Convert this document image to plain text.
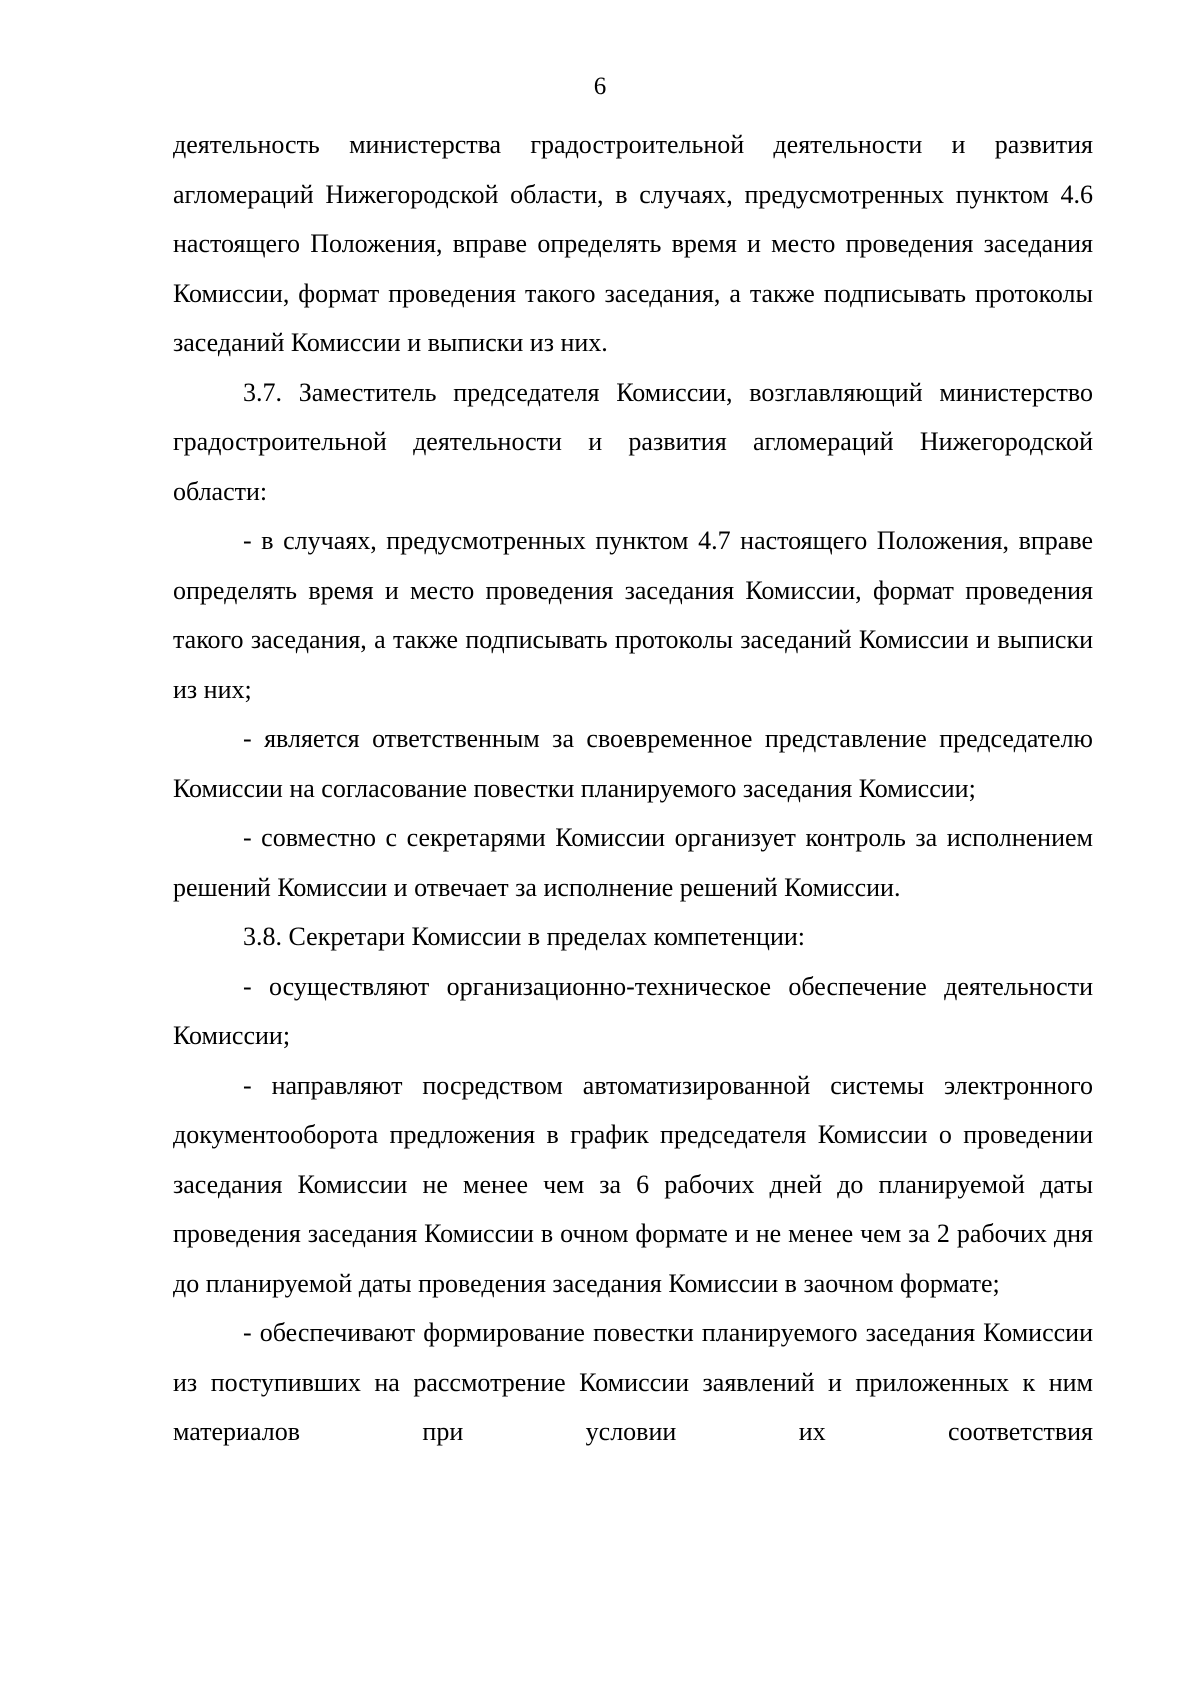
6

деятельность министерства градостроительной деятельности и развития агломераций Нижегородской области, в случаях, предусмотренных пунктом 4.6 настоящего Положения, вправе определять время и место проведения заседания Комиссии, формат проведения такого заседания, а также подписывать протоколы заседаний Комиссии и выписки из них.

3.7. Заместитель председателя Комиссии, возглавляющий министерство градостроительной деятельности и развития агломераций Нижегородской области:

- в случаях, предусмотренных пунктом 4.7 настоящего Положения, вправе определять время и место проведения заседания Комиссии, формат проведения такого заседания, а также подписывать протоколы заседаний Комиссии и выписки из них;

- является ответственным за своевременное представление председателю Комиссии на согласование повестки планируемого заседания Комиссии;

- совместно с секретарями Комиссии организует контроль за исполнением решений Комиссии и отвечает за исполнение решений Комиссии.

3.8. Секретари Комиссии в пределах компетенции:

- осуществляют организационно-техническое обеспечение деятельности Комиссии;

- направляют посредством автоматизированной системы электронного документооборота предложения в график председателя Комиссии о проведении заседания Комиссии не менее чем за 6 рабочих дней до планируемой даты проведения заседания Комиссии в очном формате и не менее чем за 2 рабочих дня до планируемой даты проведения заседания Комиссии в заочном формате;

- обеспечивают формирование повестки планируемого заседания Комиссии из поступивших на рассмотрение Комиссии заявлений и приложенных к ним материалов при условии их соответствия
